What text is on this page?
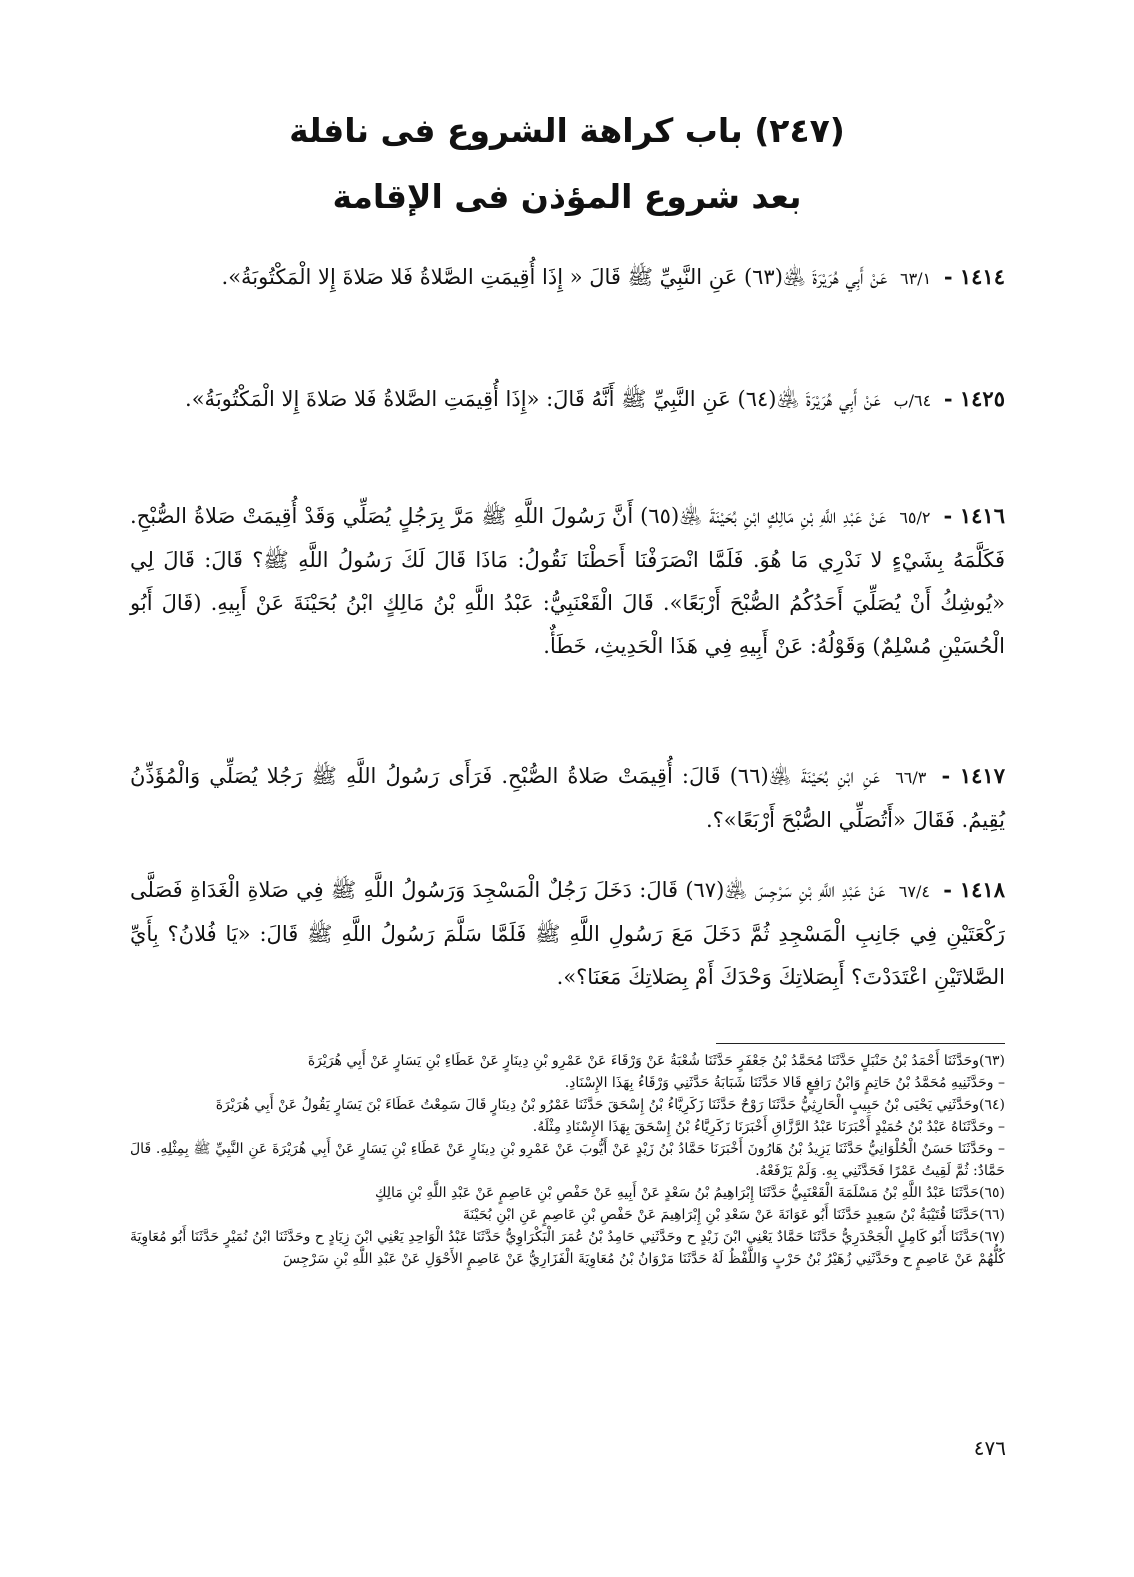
(٢٤٧) باب كراهة الشروع فى نافلة
بعد شروع المؤذن فى الإقامة

١٤١٤ - ٦٣/١ عَنْ أَبِي هُرَيْرَةَ ﵁(٦٣) عَنِ النَّبِيِّ ﷺ قَالَ « إِذَا أُقِيمَتِ الصَّلاةُ فَلا صَلاةَ إِلا الْمَكْتُوبَةُ».

١٤٢٥ - ٦٤/ب عَنْ أَبِي هُرَيْرَةَ ﵁(٦٤) عَنِ النَّبِيِّ ﷺ أَنَّهُ قَالَ: «إِذَا أُقِيمَتِ الصَّلاةُ فَلا صَلاةَ إِلا الْمَكْتُوبَةُ».

١٤١٦ - ٦٥/٢ عَنْ عَبْدِ اللَّهِ بْنِ مَالِكٍ ابْنِ بُحَيْنَةَ ﵁(٦٥) أَنَّ رَسُولَ اللَّهِ ﷺ مَرَّ بِرَجُلٍ يُصَلِّي وَقَدْ أُقِيمَتْ صَلاةُ الصُّبْحِ. فَكَلَّمَهُ بِشَيْءٍ لا نَدْرِي مَا هُوَ. فَلَمَّا انْصَرَفْنَا أَحَطْنَا نَقُولُ: مَاذَا قَالَ لَكَ رَسُولُ اللَّهِ ﷺ؟ قَالَ: قَالَ لِي «يُوشِكُ أَنْ يُصَلِّيَ أَحَدُكُمُ الصُّبْحَ أَرْبَعًا». قَالَ الْقَعْنَبِيُّ: عَبْدُ اللَّهِ بْنُ مَالِكٍ ابْنُ بُحَيْنَةَ عَنْ أَبِيهِ. (قَالَ أَبُو الْحُسَيْنِ مُسْلِمٌ) وَقَوْلُهُ: عَنْ أَبِيهِ فِي هَذَا الْحَدِيثِ، خَطَأٌ.

١٤١٧ - ٦٦/٣ عَنِ ابْنِ بُحَيْنَةَ ﵁(٦٦) قَالَ: أُقِيمَتْ صَلاةُ الصُّبْحِ. فَرَأَى رَسُولُ اللَّهِ ﷺ رَجُلا يُصَلِّي وَالْمُؤَذِّنُ يُقِيمُ. فَقَالَ «أَتُصَلِّي الصُّبْحَ أَرْبَعًا»؟.

١٤١٨ - ٦٧/٤ عَنْ عَبْدِ اللَّهِ بْنِ سَرْجِسَ ﵁(٦٧) قَالَ: دَخَلَ رَجُلٌ الْمَسْجِدَ وَرَسُولُ اللَّهِ ﷺ فِي صَلاةِ الْغَدَاةِ فَصَلَّى رَكْعَتَيْنِ فِي جَانِبِ الْمَسْجِدِ ثُمَّ دَخَلَ مَعَ رَسُولِ اللَّهِ ﷺ فَلَمَّا سَلَّمَ رَسُولُ اللَّهِ ﷺ قَالَ: «يَا فُلانُ؟ بِأَيِّ الصَّلاتَيْنِ اعْتَدَدْتَ؟ أَبِصَلاتِكَ وَحْدَكَ أَمْ بِصَلاتِكَ مَعَنَا؟».

(٦٣)وحَدَّثَنَا أَحْمَدُ بْنُ حَنْبَلٍ حَدَّثَنَا مُحَمَّدُ بْنُ جَعْفَرٍ حَدَّثَنَا شُعْبَةُ عَنْ وَرْقَاءَ عَنْ عَمْرِو بْنِ دِينَارٍ عَنْ عَطَاءِ بْنِ يَسَارٍ عَنْ أَبِي هُرَيْرَةَ

– وحَدَّثَنِيهِ مُحَمَّدُ بْنُ حَاتِمٍ وَابْنُ رَافِعٍ قَالا حَدَّثَنَا شَبَابَةُ حَدَّثَنِي وَرْقَاءُ بِهَذَا الإِسْنَادِ.

(٦٤)وحَدَّثَنِي يَحْيَى بْنُ حَبِيبٍ الْحَارِثِيُّ حَدَّثَنَا رَوْحٌ حَدَّثَنَا زَكَرِيَّاءُ بْنُ إِسْحَقَ حَدَّثَنَا عَمْرُو بْنُ دِينَارٍ قَالَ سَمِعْتُ عَطَاءَ بْنَ يَسَارٍ يَقُولُ عَنْ أَبِي هُرَيْرَةَ

– وحَدَّثَنَاهُ عَبْدُ بْنُ حُمَيْدٍ أَخْبَرَنَا عَبْدُ الرَّزَّاقِ أَخْبَرَنَا زَكَرِيَّاءُ بْنُ إِسْحَقَ بِهَذَا الإِسْنَادِ مِثْلَهُ.

– وحَدَّثَنَا حَسَنٌ الْحُلْوَانِيُّ حَدَّثَنَا يَزِيدُ بْنُ هَارُونَ أَخْبَرَنَا حَمَّادُ بْنُ زَيْدٍ عَنْ أَيُّوبَ عَنْ عَمْرِو بْنِ دِينَارٍ عَنْ عَطَاءِ بْنِ يَسَارٍ عَنْ أَبِي هُرَيْرَةَ عَنِ النَّبِيِّ ﷺ بِمِثْلِهِ. قَالَ حَمَّادٌ: ثُمَّ لَقِيتُ عَمْرًا فَحَدَّثَنِي بِهِ. وَلَمْ يَرْفَعْهُ.

(٦٥)حَدَّثَنَا عَبْدُ اللَّهِ بْنُ مَسْلَمَةَ الْقَعْنَبِيُّ حَدَّثَنَا إِبْرَاهِيمُ بْنُ سَعْدٍ عَنْ أَبِيهِ عَنْ حَفْصِ بْنِ عَاصِمٍ عَنْ عَبْدِ اللَّهِ بْنِ مَالِكٍ

(٦٦)حَدَّثَنَا قُتَيْبَةُ بْنُ سَعِيدٍ حَدَّثَنَا أَبُو عَوَانَةَ عَنْ سَعْدِ بْنِ إِبْرَاهِيمَ عَنْ حَفْصِ بْنِ عَاصِمٍ عَنِ ابْنِ بُحَيْنَةَ

(٦٧)حَدَّثَنَا أَبُو كَامِلٍ الْجَحْدَرِيُّ حَدَّثَنَا حَمَّادٌ يَعْنِي ابْنَ زَيْدٍ ح وحَدَّثَنِي حَامِدُ بْنُ عُمَرَ الْبَكْرَاوِيُّ حَدَّثَنَا عَبْدُ الْوَاحِدِ يَعْنِي ابْنَ زِيَادٍ ح وحَدَّثَنَا ابْنُ نُمَيْرٍ حَدَّثَنَا أَبُو مُعَاوِيَةَ كُلُّهُمْ عَنْ عَاصِمٍ ح وحَدَّثَنِي زُهَيْرُ بْنُ حَرْبٍ وَاللَّفْظُ لَهُ حَدَّثَنَا مَرْوَانُ بْنُ مُعَاوِيَةَ الْفَزَارِيُّ عَنْ عَاصِمٍ الأَحْوَلِ عَنْ عَبْدِ اللَّهِ بْنِ سَرْجِسَ

٤٧٦
